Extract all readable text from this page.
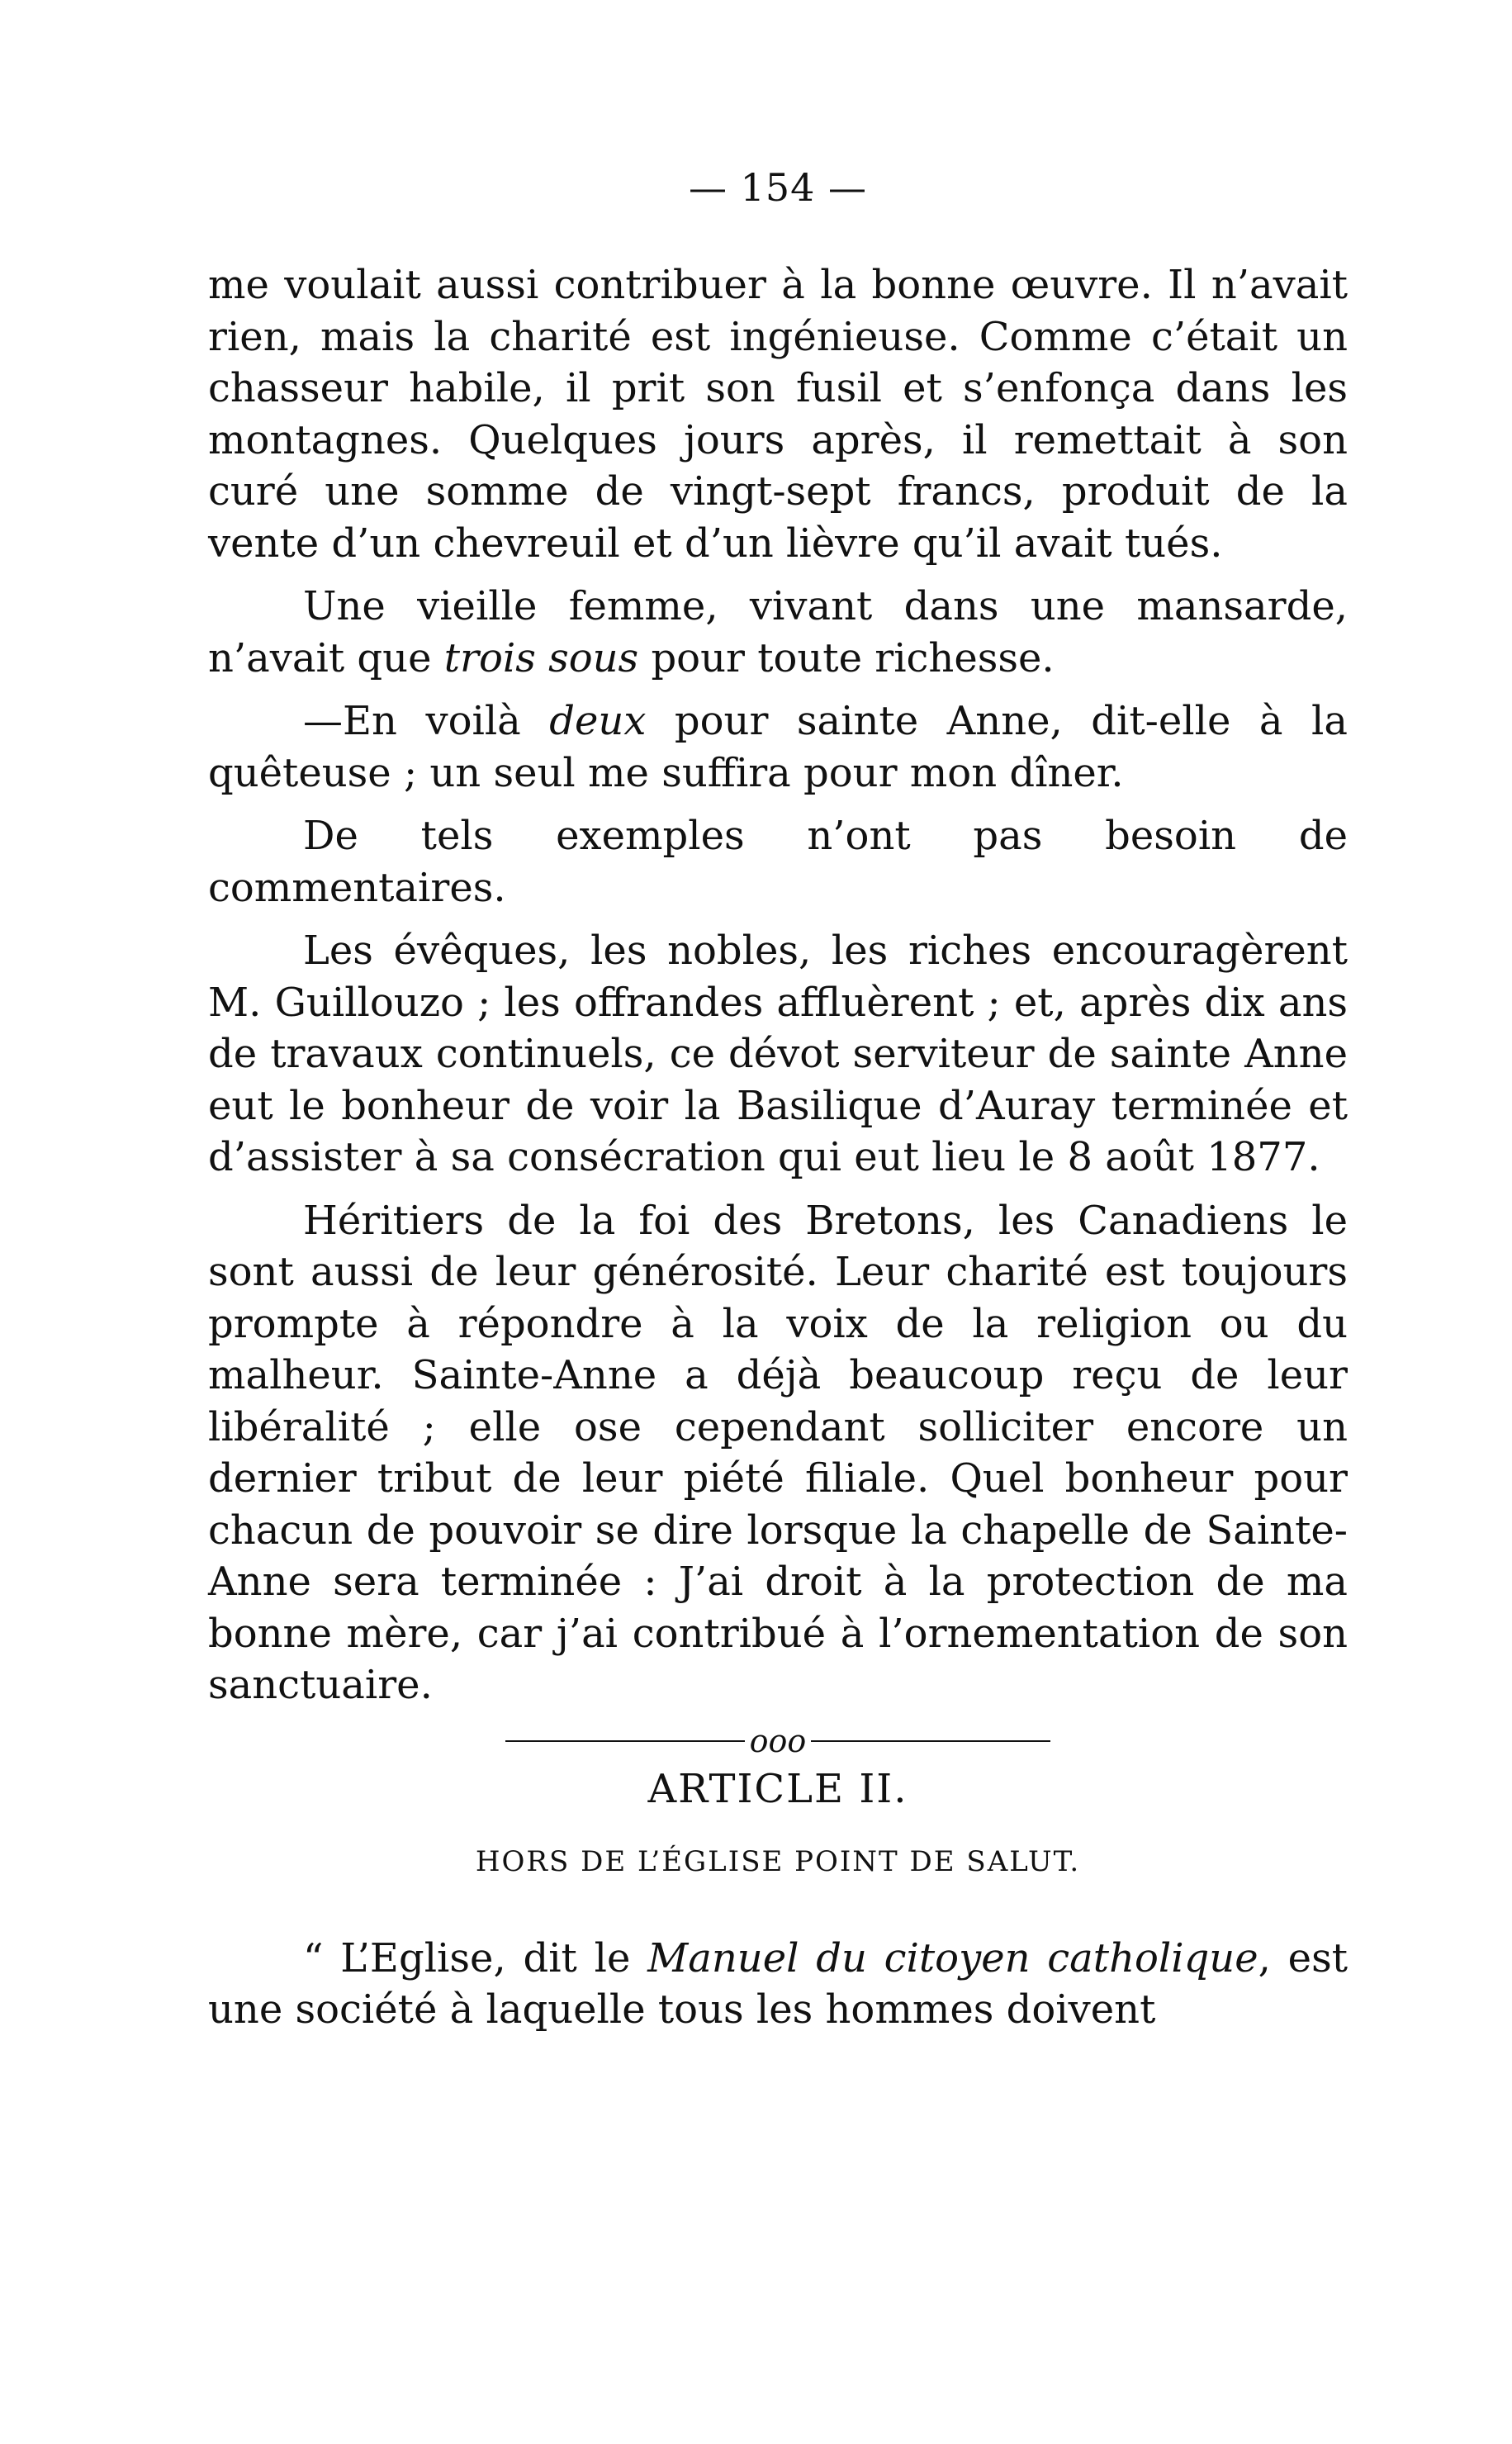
— 154 —

me voulait aussi contribuer à la bonne œuvre. Il n’avait rien, mais la charité est ingénieuse. Comme c’était un chasseur habile, il prit son fusil et s’enfonça dans les montagnes. Quelques jours après, il remettait à son curé une somme de vingt-sept francs, produit de la vente d’un chevreuil et d’un lièvre qu’il avait tués.

Une vieille femme, vivant dans une mansarde, n’avait que trois sous pour toute richesse.

—En voilà deux pour sainte Anne, dit-elle à la quêteuse ; un seul me suffira pour mon dîner.

De tels exemples n’ont pas besoin de commentaires.

Les évêques, les nobles, les riches encouragèrent M. Guillouzo ; les offrandes affluèrent ; et, après dix ans de travaux continuels, ce dévot serviteur de sainte Anne eut le bonheur de voir la Basilique d’Auray terminée et d’assister à sa consécration qui eut lieu le 8 août 1877.

Héritiers de la foi des Bretons, les Canadiens le sont aussi de leur générosité. Leur charité est toujours prompte à répondre à la voix de la religion ou du malheur. Sainte-Anne a déjà beaucoup reçu de leur libéralité ; elle ose cependant solliciter encore un dernier tribut de leur piété filiale. Quel bonheur pour chacun de pouvoir se dire lorsque la chapelle de Sainte-Anne sera terminée : J’ai droit à la protection de ma bonne mère, car j’ai contribué à l’ornementation de son sanctuaire.

ooo
ARTICLE II.
HORS DE L’ÉGLISE POINT DE SALUT.

“ L’Eglise, dit le Manuel du citoyen catholique, est une société à laquelle tous les hommes doivent
